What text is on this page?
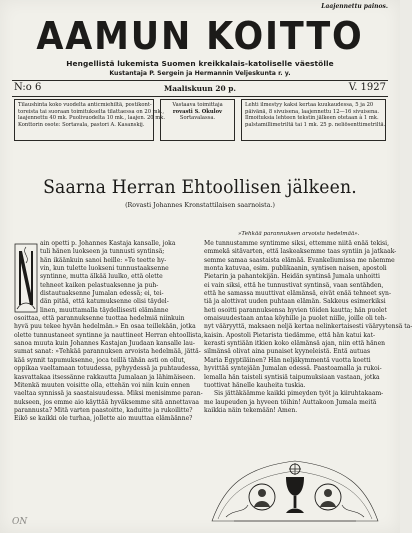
Laajennettu painos.
AAMUN KOITTO
Hengellistä lukemista Suomen kreikkalais-katoliselle väestölle
Kustantaja P. Sergein ja Hermannin Veljeskunta r. y.
N:o 6	Maaliskuun 20 p.	V. 1927
Tilaushinta koko vuodelta anticmiehiltä, postikont-
toreista tai suoraan toimitukselta tilattaessa on 20 mk.,
laajennettu 40 mk. Puolivuodelta 10 mk., laajen. 20 mk.
Konttorin osote: Sortavala, pastori A. Kasanskij.
Vastaava toimittaja
rovasti S. Okulov
Sortavalassa.
Lehti ilmestyy kaksi kertaa kuukaudessa, 5 ja 20
päivänä, 8 sivuisena, laajennettu 12—16 sivuisena.
Ilmoituksia lehteen tekstin jälkeen otetaan à 1 mk.
palstamillimetriltä tai 1 mk. 25 p. neliösenttimetriltä.
Saarna Herran Ehtoollisen jälkeen.
(Rovasti Johannes Kronstattilaisen saarnoista.)
»Tehkää parannuksen arvoista hedelmää».
ain opetti p. Johannes Kastaja kansalle, joka
tuli hänen luokseen ja tunnusti syntinsä;
hän ikäänkuin sanoi heille: »Te teette hy-
vin, kun tulette luokseni tunnustaaksenne
syntinne, mutta älkää luulko, että olette
tehneet kaiken pelastuaksenne ja puh-
distautuaksenne Jumalan edessä; ei, tei-
dän pitää, että katumuksenne olisi täydel-
linen, muuttamalla täydellisesti elämänne
osoittaa, että parannuksenne tuottaa hedelmiä niinkuin
hyvä puu tekee hyvän hedelmän.» En osaa teillekään, jotka
olette tunnustaneet syntinne ja nauttineet Herran ehtoollista,
sanoa muuta kuin Johannes Kastajan Juudaan kansalle lau-
sumat sanat: »Tehkää parannuksen arvoista hedelmää, jättä-
kää synnit tapumuksenne, joca teillä tähän asti on ollut,
oppikaa vaeltamaan totuudessa, pyhyydessä ja puhtaudessa,
kasvattakaa itsessänne rakkautta Jumalaan ja lähimäiseen.
Mitenkä muuten voisitte olla, ettehän voi niin kuin ennen
vaeltaa synnissä ja saastaisuudessa. Miksi menisimme paran-
nukseen, jos emme aio käyttää hyväksemme sitä annettavaa
parannusta? Mitä varten paastoitte, kaduitte ja rukoilitte?
Eikö se kaikki ole turhaa, jollette aio muuttaa elämäänne?
Me tunnustamme syntimme siksi, ettemme niitä enää tekisi,
emmekä sitävarten, että laskeaksemme taas syntiin ja jatkaak-
semme samaa saastaista elämää. Evankeliumissa me näemme
monta katuvaa, esim. publikaanin, syntisen naisen, apostoli
Pietarin ja pahantekijän. Heidän syntinsä Jumala unhoitti
ei vain siksi, että he tunnustivat syntinsä, vaan sentähden,
että he samassa muuttivat elämänsä, eivät enää tehneet syn-
tiä ja alottivat uuden puhtaan elämän. Sakkeus esimerkiksi
heti osoitti parannuksensa hyvien töiden kautta; hän puolet
omaisuudestaan antaa köyhille ja puolet niille, joille oli teh-
nyt vääryyttä, maksaen neljä kertaa nelinkertaisesti vääryytensä ta-
kaisin. Apostoli Pietarista tiedämme, että hän katui kat-
kerasti syntiään itkien koko elämänsä ajan, niin että hänen
silmänsä olivat aina punaiset kyyneleistä. Entä autuas
Maria Egyptiläinen? Hän neljäkymmentä vuotta koetti
hyvittää syntejään Jumalan edessä. Paastoamalla ja rukoi-
lemalla hän taisteli syntisiä taipumuksiaan vastaan, jotka
tuottivat hänelle kauheita tuskia.
Sis jättäkäämme kaikki pimeyden työt ja kiiruhtakaam-
me laupeuden ja hyveen töihin! Auttakoon Jumala meitä
kaikkia näin tekemään! Amen.
ON
